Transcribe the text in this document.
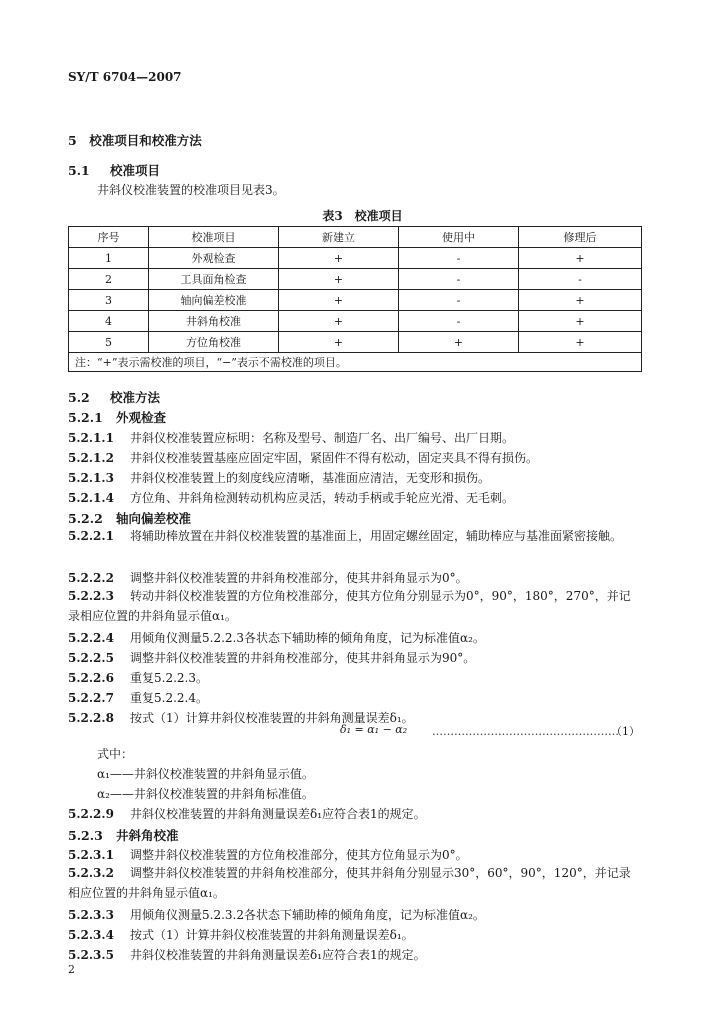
SY/T 6704—2007
5　校准项目和校准方法
5.1 校准项目
井斜仪校准装置的校准项目见表3。
表3　校准项目
序号	校准项目	新建立	使用中	修理后
1	外观检查	+	-	+
2	工具面角检查	+	-	-
3	轴向偏差校准	+	-	+
4	井斜角校准	+	-	+
5	方位角校准	+	+	+
注：“+”表示需校准的项目，“−”表示不需校准的项目。				
5.2 校准方法
5.2.1 外观检查
5.2.1.1 井斜仪校准装置应标明：名称及型号、制造厂名、出厂编号、出厂日期。
5.2.1.2 井斜仪校准装置基座应固定牢固，紧固件不得有松动，固定夹具不得有损伤。
5.2.1.3 井斜仪校准装置上的刻度线应清晰，基准面应清洁，无变形和损伤。
5.2.1.4 方位角、井斜角检测转动机构应灵活，转动手柄或手轮应光滑、无毛刺。
5.2.2 轴向偏差校准
5.2.2.1 将辅助棒放置在井斜仪校准装置的基准面上，用固定螺丝固定，辅助棒应与基准面紧密接触。
5.2.2.2 调整井斜仪校准装置的井斜角校准部分，使其井斜角显示为0°。
5.2.2.3 转动井斜仪校准装置的方位角校准部分，使其方位角分别显示为0°，90°，180°，270°，并记录相应位置的井斜角显示值α₁。
5.2.2.4 用倾角仪测量5.2.2.3各状态下辅助棒的倾角角度，记为标准值α₂。
5.2.2.5 调整井斜仪校准装置的井斜角校准部分，使其井斜角显示为90°。
5.2.2.6 重复5.2.2.3。
5.2.2.7 重复5.2.2.4。
5.2.2.8 按式（1）计算井斜仪校准装置的井斜角测量误差δ₁。
δ₁ = α₁ − α₂ ……………………………………………
（1）
式中：
α₁——井斜仪校准装置的井斜角显示值。
α₂——井斜仪校准装置的井斜角标准值。
5.2.2.9 井斜仪校准装置的井斜角测量误差δ₁应符合表1的规定。
5.2.3 井斜角校准
5.2.3.1 调整井斜仪校准装置的方位角校准部分，使其方位角显示为0°。
5.2.3.2 调整井斜仪校准装置的井斜角校准部分，使其井斜角分别显示30°，60°，90°，120°，并记录相应位置的井斜角显示值α₁。
5.2.3.3 用倾角仪测量5.2.3.2各状态下辅助棒的倾角角度，记为标准值α₂。
5.2.3.4 按式（1）计算井斜仪校准装置的井斜角测量误差δ₁。
5.2.3.5 井斜仪校准装置的井斜角测量误差δ₁应符合表1的规定。
2
